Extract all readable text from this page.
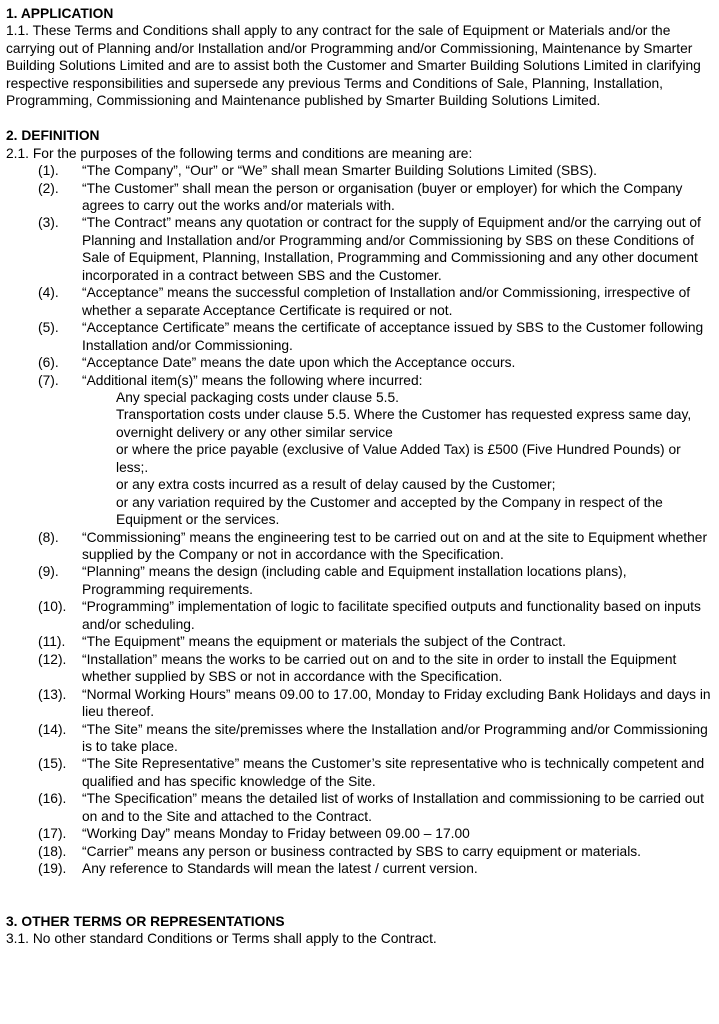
1. APPLICATION

1.1. These Terms and Conditions shall apply to any contract for the sale of Equipment or Materials and/or the carrying out of Planning and/or Installation and/or Programming and/or Commissioning, Maintenance by Smarter Building Solutions Limited and are to assist both the Customer and Smarter Building Solutions Limited in clarifying respective responsibilities and supersede any previous Terms and Conditions of Sale, Planning, Installation, Programming, Commissioning and Maintenance published by Smarter Building Solutions Limited.

2. DEFINITION

2.1. For the purposes of the following terms and conditions are meaning are:

(1).	“The Company”, “Our” or “We” shall mean Smarter Building Solutions Limited (SBS).
(2).	“The Customer” shall mean the person or organisation (buyer or employer) for which the Company agrees to carry out the works and/or materials with.
(3).	“The Contract” means any quotation or contract for the supply of Equipment and/or the carrying out of Planning and Installation and/or Programming and/or Commissioning by SBS on these Conditions of Sale of Equipment, Planning, Installation, Programming and Commissioning and any other document incorporated in a contract between SBS and the Customer.
(4).	“Acceptance” means the successful completion of Installation and/or Commissioning, irrespective of whether a separate Acceptance Certificate is required or not.
(5).	“Acceptance Certificate” means the certificate of acceptance issued by SBS to the Customer following Installation and/or Commissioning.
(6).	“Acceptance Date” means the date upon which the Acceptance occurs.
(7).	“Additional item(s)” means the following where incurred:

Any special packaging costs under clause 5.5.

Transportation costs under clause 5.5. Where the Customer has requested express same day, overnight delivery or any other similar service

or where the price payable (exclusive of Value Added Tax) is £500 (Five Hundred Pounds) or less;.

or any extra costs incurred as a result of delay caused by the Customer;

or any variation required by the Customer and accepted by the Company in respect of the Equipment or the services.

(8).	“Commissioning” means the engineering test to be carried out on and at the site to Equipment whether supplied by the Company or not in accordance with the Specification.
(9).	“Planning” means the design (including cable and Equipment installation locations plans), Programming requirements.
(10).	“Programming” implementation of logic to facilitate specified outputs and functionality based on inputs and/or scheduling.
(11).	“The Equipment” means the equipment or materials the subject of the Contract.
(12).	“Installation” means the works to be carried out on and to the site in order to install the Equipment whether supplied by SBS or not in accordance with the Specification.
(13).	“Normal Working Hours” means 09.00 to 17.00, Monday to Friday excluding Bank Holidays and days in lieu thereof.
(14).	“The Site” means the site/premisses where the Installation and/or Programming and/or Commissioning is to take place.
(15).	“The Site Representative” means the Customer’s site representative who is technically competent and qualified and has specific knowledge of the Site.
(16).	“The Specification” means the detailed list of works of Installation and commissioning to be carried out on and to the Site and attached to the Contract.
(17).	“Working Day” means Monday to Friday between 09.00 – 17.00
(18).	“Carrier” means any person or business contracted by SBS to carry equipment or materials.
(19).	Any reference to Standards will mean the latest / current version.

3. OTHER TERMS OR REPRESENTATIONS

3.1. No other standard Conditions or Terms shall apply to the Contract.
